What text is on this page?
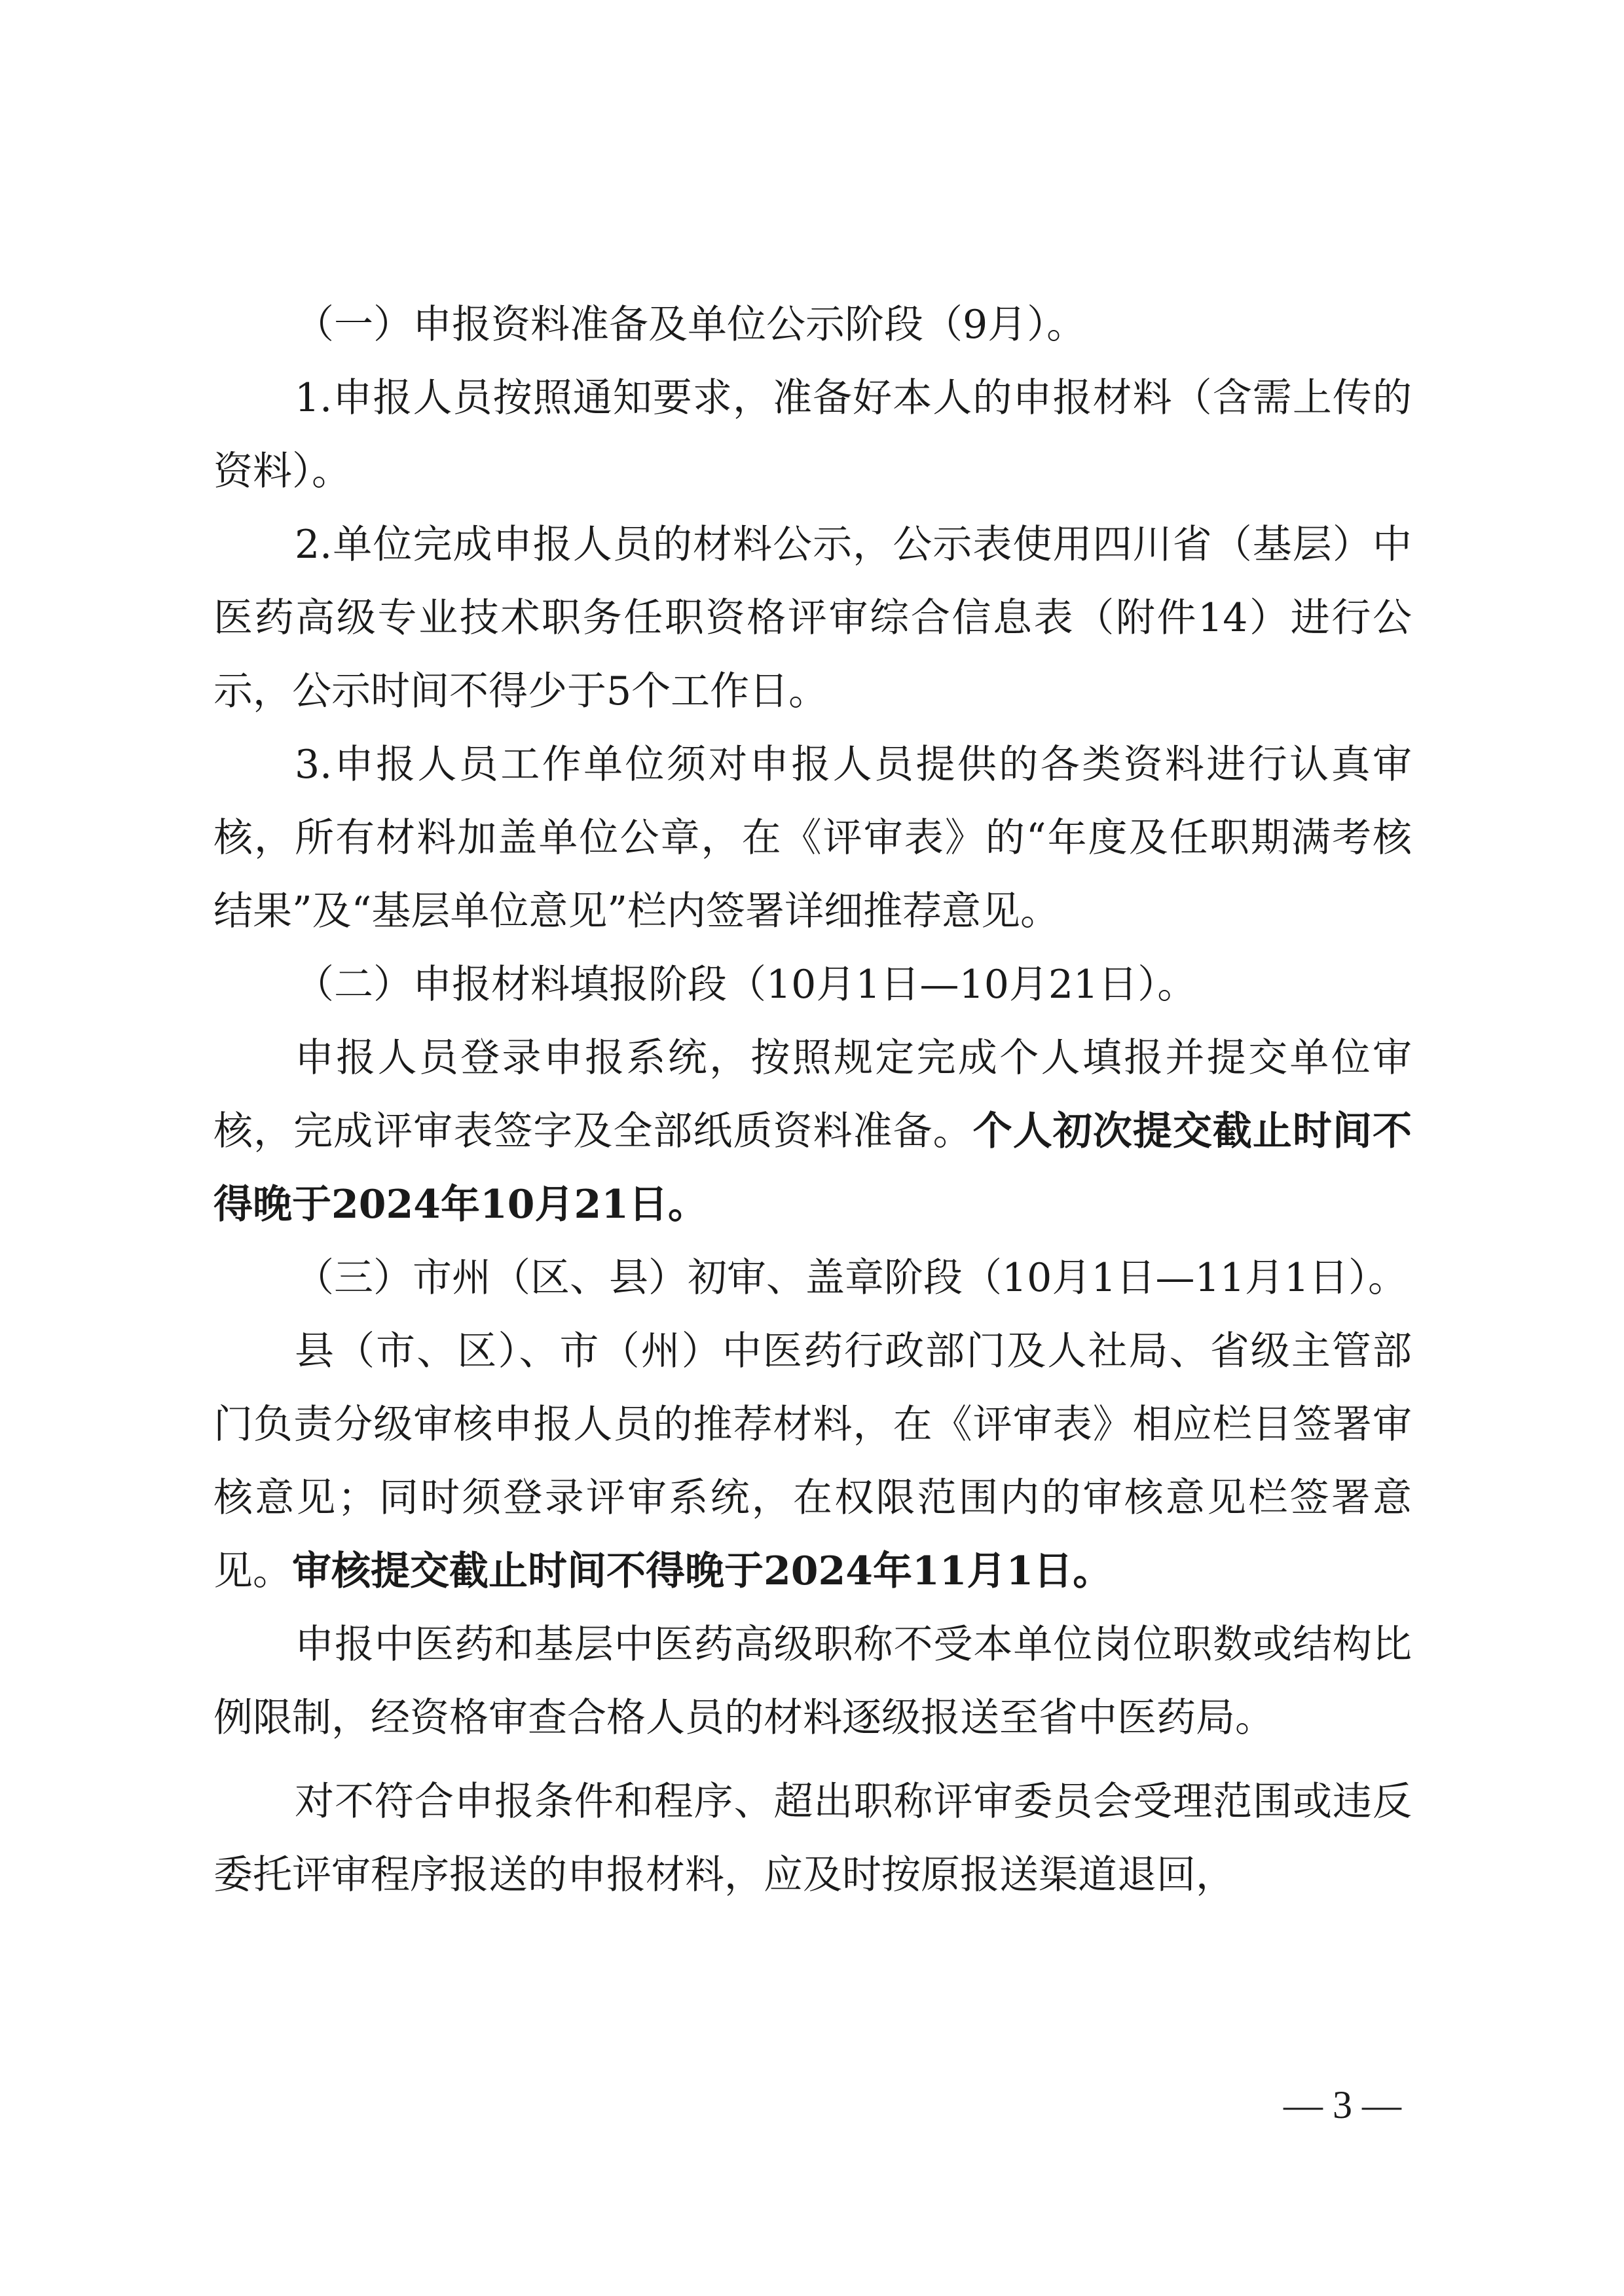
（一）申报资料准备及单位公示阶段（9月）。

1.申报人员按照通知要求，准备好本人的申报材料（含需上传的资料）。

2.单位完成申报人员的材料公示，公示表使用四川省（基层）中医药高级专业技术职务任职资格评审综合信息表（附件14）进行公示，公示时间不得少于5个工作日。

3.申报人员工作单位须对申报人员提供的各类资料进行认真审核，所有材料加盖单位公章，在《评审表》的“年度及任职期满考核结果”及“基层单位意见”栏内签署详细推荐意见。

（二）申报材料填报阶段（10月1日—10月21日）。

申报人员登录申报系统，按照规定完成个人填报并提交单位审核，完成评审表签字及全部纸质资料准备。个人初次提交截止时间不得晚于2024年10月21日。

（三）市州（区、县）初审、盖章阶段（10月1日—11月1日）。

县（市、区）、市（州）中医药行政部门及人社局、省级主管部门负责分级审核申报人员的推荐材料，在《评审表》相应栏目签署审核意见；同时须登录评审系统，在权限范围内的审核意见栏签署意见。审核提交截止时间不得晚于2024年11月1日。

申报中医药和基层中医药高级职称不受本单位岗位职数或结构比例限制，经资格审查合格人员的材料逐级报送至省中医药局。

对不符合申报条件和程序、超出职称评审委员会受理范围或违反委托评审程序报送的申报材料，应及时按原报送渠道退回，

— 3 —
